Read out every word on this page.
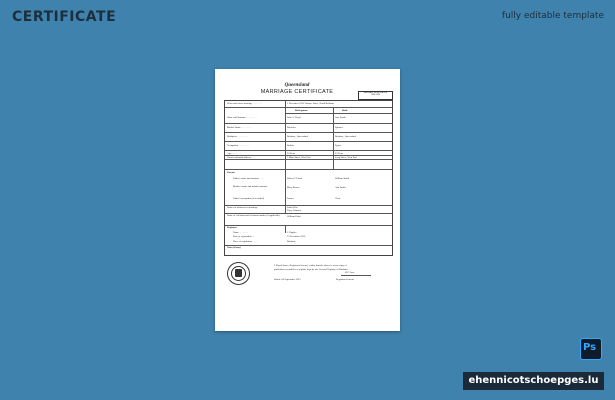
CERTIFICATE	fully editable template
Queensland
MARRIAGE CERTIFICATE	MARRIAGE REGISTRATION
1956/ 1230
When and where marriage . . . . . . . .	1 December 1956 Valance Street, North Brisbane
Bridegroom	Bride
Name and Surname . . . . . . . . .	John A. Lloyd	Jane Smith
Marital Status . . . . . . . . .	Bachelor	Spinster
Birthplace . . . . . . . . .	Brisbane, Queensland	Brisbane, Queensland
Occupation . . . . . . . . .	Builder	Typist
Age . . . . . . . . .	26 Years	22 Years
Usual residential address . . . .	7 Main Street, West End	Long Street, West End
Parents
Father's name and surname . . . .	Robert C.Lloyd	William Smith
Mother's name and maiden surname	Mary Brown	Ann Smith
Father's occupation (if recorded)	Farmer	Clerk
Names of witnesses to marriage	Sarah Wise
Tracy Johnson
Name of celebrant and celebrant number (if applicable)	William Parks
Registrar
Name . . . . . . . .	J. Hughes
Date of registration . . . .	15 December 1956
Place of registration . . . .	Brisbane
Notes (if any)
I, David Jones, Registrar-General, certify that the above is a true copy of
particulars recorded in a register kept by the General Registry of Brisbane
D.C.Jons
Dated: 24 September 2012	Registrar-General
Ps
ehennicotschoepges.lu
